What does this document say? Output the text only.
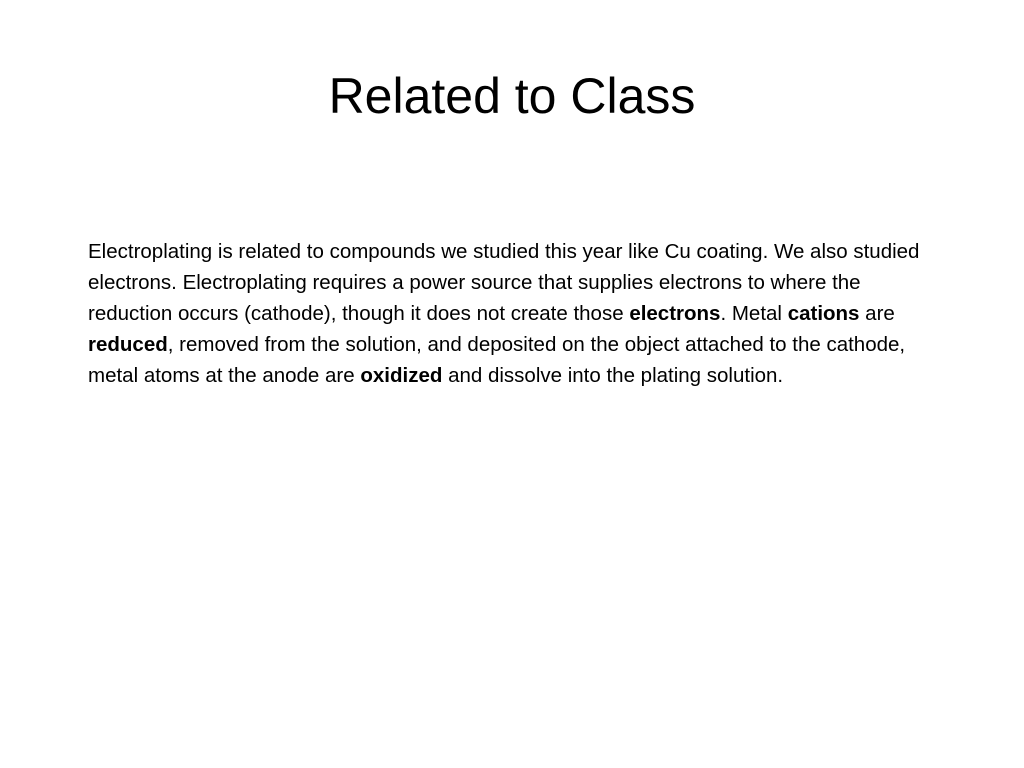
Related to Class

Electroplating is related to compounds we studied this year like Cu coating. We also studied electrons. Electroplating requires a power source that supplies electrons to where the reduction occurs (cathode), though it does not create those electrons. Metal cations are reduced, removed from the solution, and deposited on the object attached to the cathode, metal atoms at the anode are oxidized and dissolve into the plating solution.
